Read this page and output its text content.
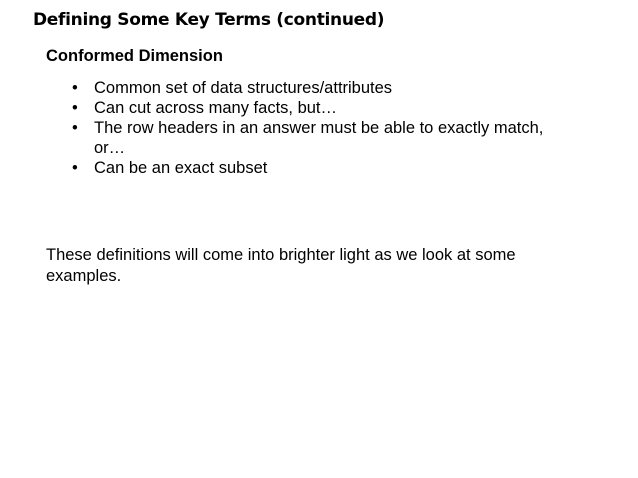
Defining Some Key Terms (continued)
Conformed Dimension
• Common set of data structures/attributes
• Can cut across many facts, but…
• The row headers in an answer must be able to exactly match, or…
• Can be an exact subset

These definitions will come into brighter light as we look at some examples.
